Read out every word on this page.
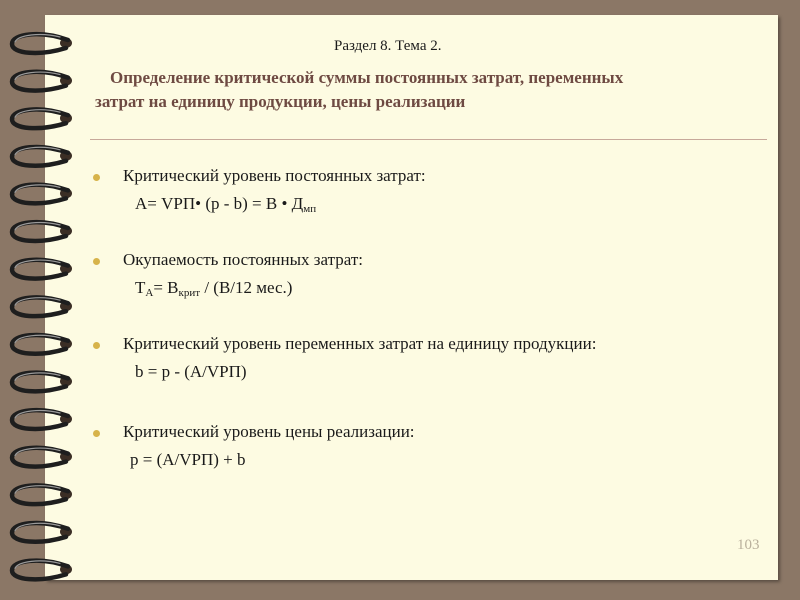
Раздел 8. Тема 2.
Определение критической суммы постоянных затрат, переменных
затрат на единицу продукции, цены реализации
Критический уровень постоянных затрат:
А= VРП• (р - b) = В • $Д_{мп}$
Окупаемость постоянных затрат:
$Т_А= В_{крит} / (В/12$ мес.)
Критический уровень переменных затрат на единицу продукции:
b = р - (А/VРП)
Критический уровень цены реализации:
p = (А/VРП) + b
103
